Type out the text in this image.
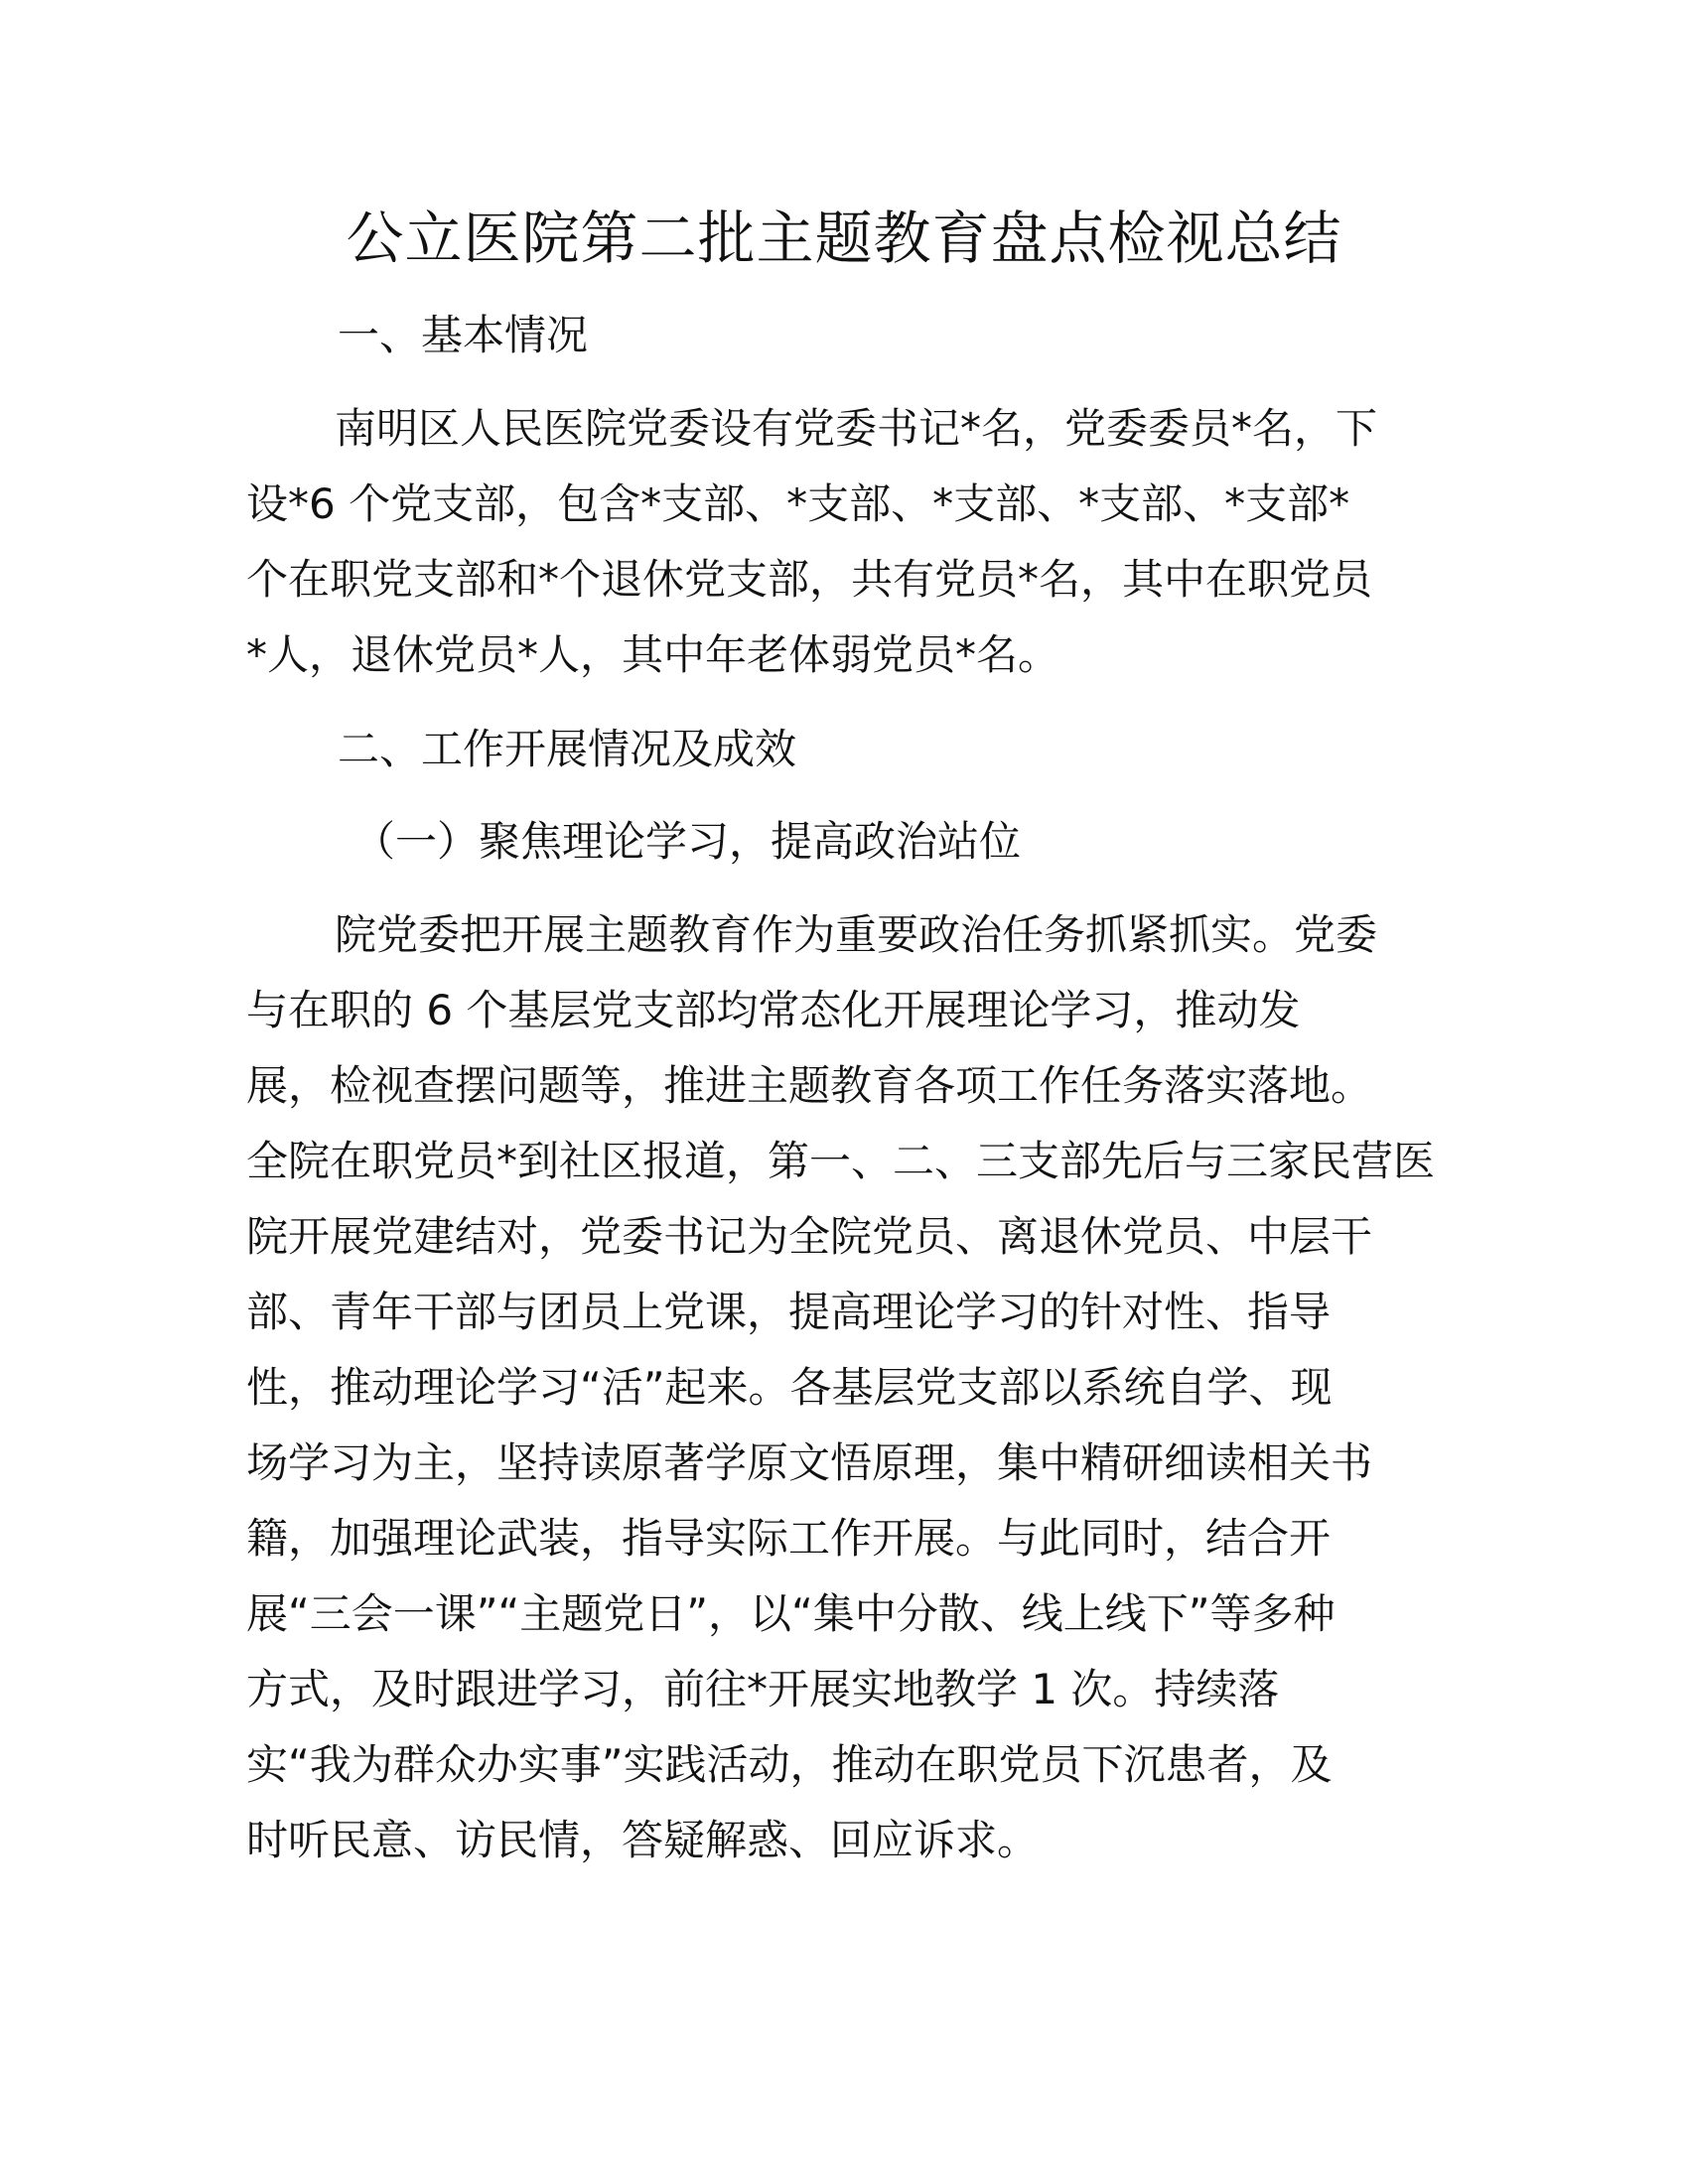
公立医院第二批主题教育盘点检视总结
一、基本情况

南明区人民医院党委设有党委书记*名，党委委员*名，下

设*6 个党支部，包含*支部、*支部、*支部、*支部、*支部*

个在职党支部和*个退休党支部，共有党员*名，其中在职党员

*人，退休党员*人，其中年老体弱党员*名。

二、工作开展情况及成效
（一）聚焦理论学习，提高政治站位

院党委把开展主题教育作为重要政治任务抓紧抓实。党委

与在职的 6 个基层党支部均常态化开展理论学习，推动发

展，检视查摆问题等，推进主题教育各项工作任务落实落地。

全院在职党员*到社区报道，第一、二、三支部先后与三家民营医

院开展党建结对，党委书记为全院党员、离退休党员、中层干

部、青年干部与团员上党课，提高理论学习的针对性、指导

性，推动理论学习“活”起来。各基层党支部以系统自学、现

场学习为主，坚持读原著学原文悟原理，集中精研细读相关书

籍，加强理论武装，指导实际工作开展。与此同时，结合开

展“三会一课”“主题党日”，以“集中分散、线上线下”等多种

方式，及时跟进学习，前往*开展实地教学 1 次。持续落

实“我为群众办实事”实践活动，推动在职党员下沉患者，及

时听民意、访民情，答疑解惑、回应诉求。
